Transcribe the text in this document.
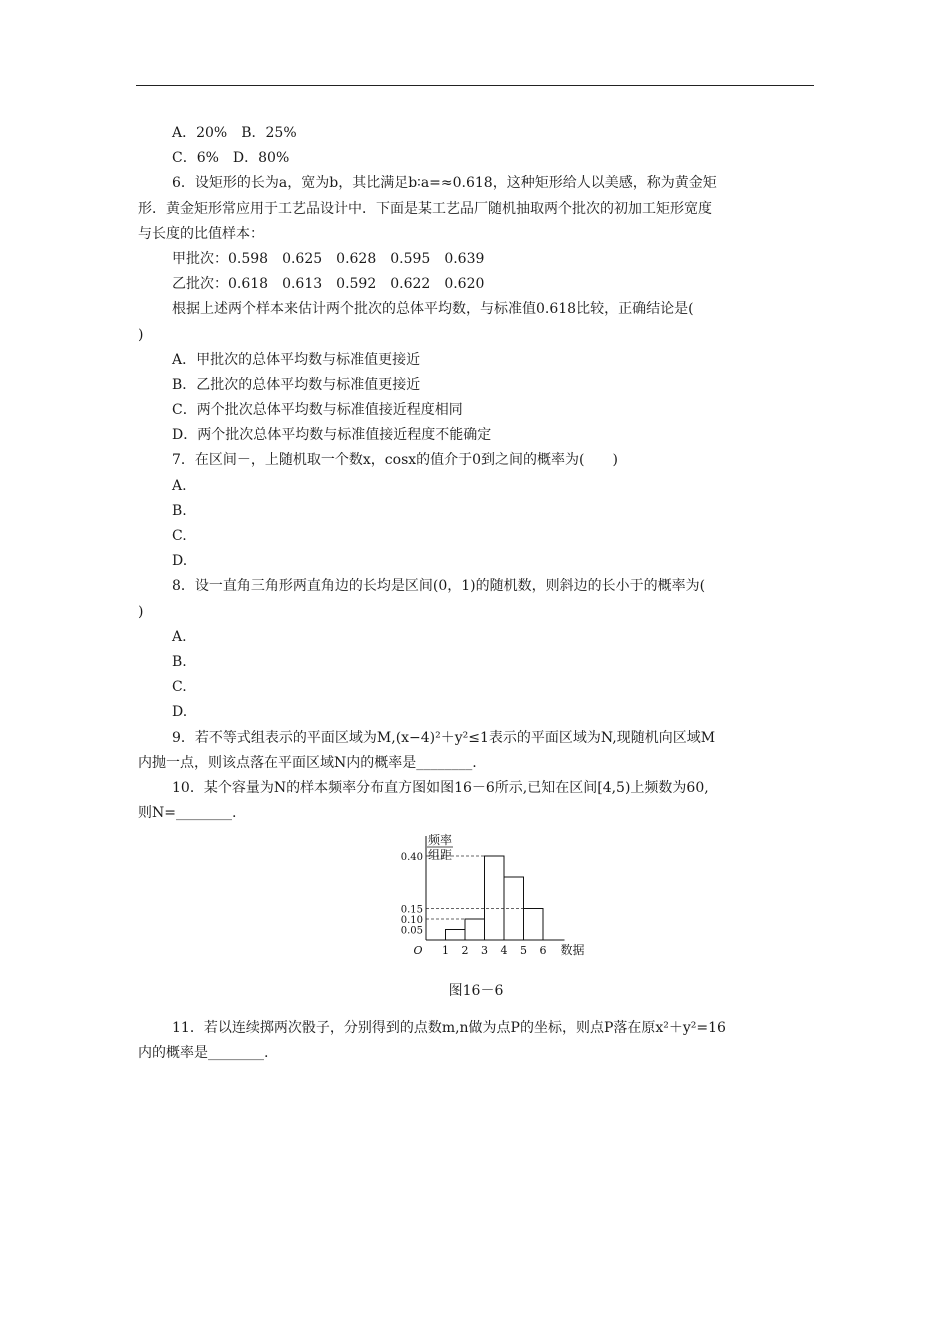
A．20%　B．25%
C．6%　D．80%
6．设矩形的长为a，宽为b，其比满足b∶a=≈0.618，这种矩形给人以美感，称为黄金矩
形．黄金矩形常应用于工艺品设计中．下面是某工艺品厂随机抽取两个批次的初加工矩形宽度
与长度的比值样本：
甲批次：0.598　0.625　0.628　0.595　0.639
乙批次：0.618　0.613　0.592　0.622　0.620
根据上述两个样本来估计两个批次的总体平均数，与标准值0.618比较，正确结论是(
)
A．甲批次的总体平均数与标准值更接近
B．乙批次的总体平均数与标准值更接近
C．两个批次总体平均数与标准值接近程度相同
D．两个批次总体平均数与标准值接近程度不能确定
7．在区间－，上随机取一个数x，cosx的值介于0到之间的概率为(　　)
A.
B.
C.
D.
8．设一直角三角形两直角边的长均是区间(0，1)的随机数，则斜边的长小于的概率为(
)
A.
B.
C.
D.
9．若不等式组表示的平面区域为M,(x−4)²＋y²≤1表示的平面区域为N,现随机向区域M
内抛一点，则该点落在平面区域N内的概率是________.
10．某个容量为N的样本频率分布直方图如图16－6所示,已知在区间[4,5)上频数为60,
则N=________.
1 2 3 4 5 6
0.05
0.10
0.15
0.40
O	数据
频率
组距
图16－6
11．若以连续掷两次骰子，分别得到的点数m,n做为点P的坐标，则点P落在原x²＋y²=16
内的概率是________.
